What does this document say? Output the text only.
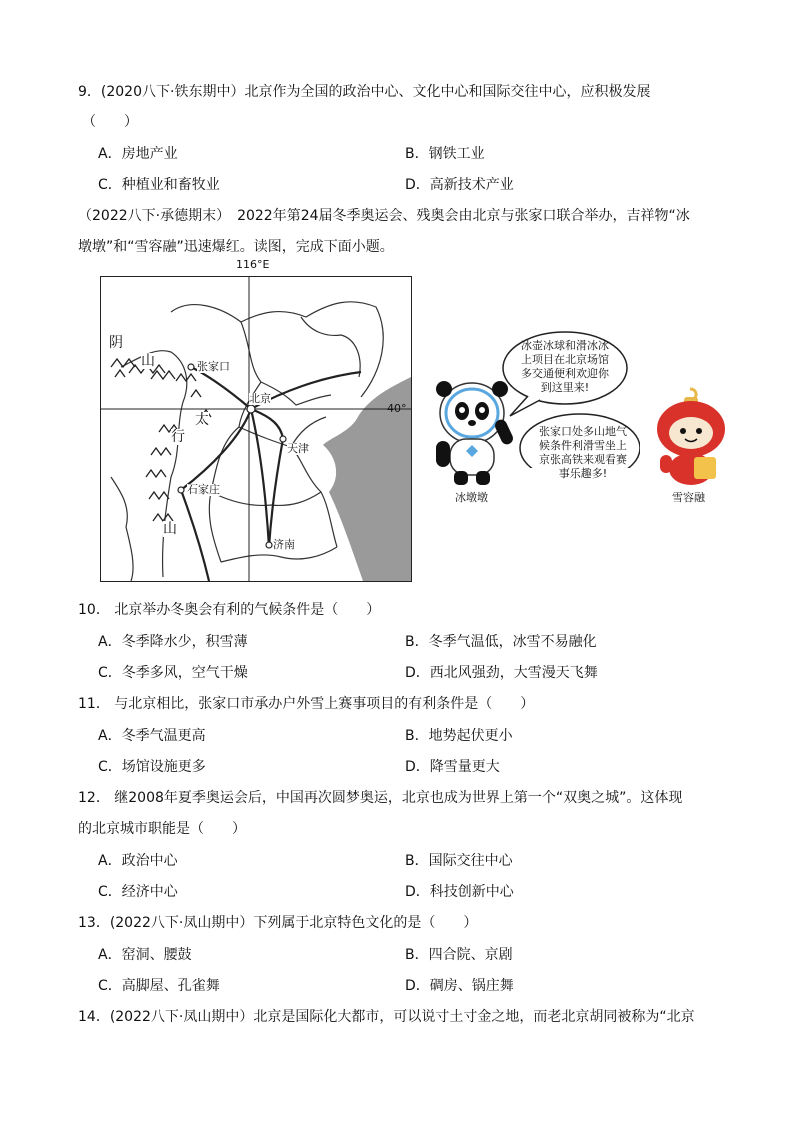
9．(2020八下·铁东期中）北京作为全国的政治中心、文化中心和国际交往中心，应积极发展
（　　）
A．房地产业	B．钢铁工业
C．种植业和畜牧业	D．高新技术产业
（2022八下·承德期末）　2022年第24届冬季奥运会、残奥会由北京与张家口联合举办，吉祥物“冰
墩墩”和“雪容融”迅速爆红。读图，完成下面小题。
116°E
张家口
北京
天津
石家庄
济南
阴
山
太
行
山
40°
冰壶冰球和滑冰冰上项目在北京场馆多交通便利欢迎你到这里来!
张家口处多山地气候条件利滑雪坐上京张高铁来观看赛事乐趣多!
冰墩墩	雪容融
10． 北京举办冬奥会有利的气候条件是（　　）
A．冬季降水少，积雪薄	B．冬季气温低，冰雪不易融化
C．冬季多风，空气干燥	D．西北风强劲，大雪漫天飞舞
11． 与北京相比，张家口市承办户外雪上赛事项目的有利条件是（　　）
A．冬季气温更高	B．地势起伏更小
C．场馆设施更多	D．降雪量更大
12． 继2008年夏季奥运会后，中国再次圆梦奥运，北京也成为世界上第一个“双奥之城”。这体现
的北京城市职能是（　　）
A．政治中心	B．国际交往中心
C．经济中心	D．科技创新中心
13．(2022八下·凤山期中）下列属于北京特色文化的是（　　）
A．窑洞、腰鼓	B．四合院、京剧
C．高脚屋、孔雀舞	D．碉房、锅庄舞
14．(2022八下·凤山期中）北京是国际化大都市，可以说寸土寸金之地，而老北京胡同被称为“北京
